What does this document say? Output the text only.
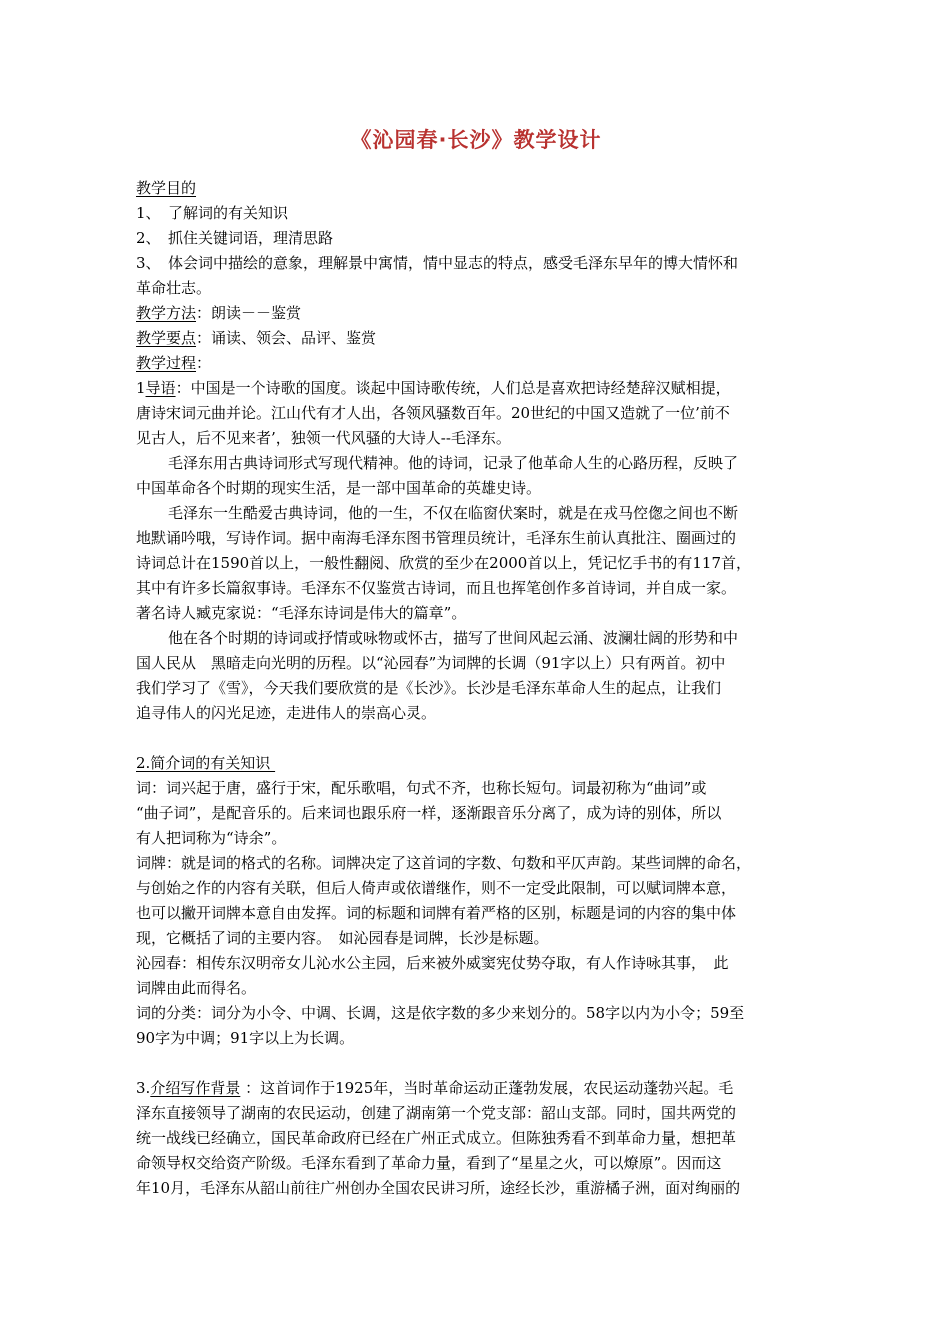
《沁园春·长沙》教学设计
教学目的
1、　了解词的有关知识
2、　抓住关键词语，理清思路
3、　体会词中描绘的意象，理解景中寓情，情中显志的特点，感受毛泽东早年的博大情怀和
革命壮志。
教学方法：朗读－－鉴赏
教学要点：诵读、领会、品评、鉴赏
教学过程：
1导语：中国是一个诗歌的国度。谈起中国诗歌传统，人们总是喜欢把诗经楚辞汉赋相提，
唐诗宋词元曲并论。江山代有才人出，各领风骚数百年。20世纪的中国又造就了一位’前不
见古人，后不见来者’，独领一代风骚的大诗人--毛泽东。
毛泽东用古典诗词形式写现代精神。他的诗词，记录了他革命人生的心路历程，反映了
中国革命各个时期的现实生活，是一部中国革命的英雄史诗。
毛泽东一生酷爱古典诗词，他的一生，不仅在临窗伏案时，就是在戎马倥偬之间也不断
地默诵吟哦，写诗作词。据中南海毛泽东图书管理员统计，毛泽东生前认真批注、圈画过的
诗词总计在1590首以上，一般性翻阅、欣赏的至少在2000首以上，凭记忆手书的有117首，
其中有许多长篇叙事诗。毛泽东不仅鉴赏古诗词，而且也挥笔创作多首诗词，并自成一家。
著名诗人臧克家说：“毛泽东诗词是伟大的篇章”。
他在各个时期的诗词或抒情或咏物或怀古，描写了世间风起云涌、波澜壮阔的形势和中
国人民从　黑暗走向光明的历程。以“沁园春”为词牌的长调（91字以上）只有两首。初中
我们学习了《雪》，今天我们要欣赏的是《长沙》。长沙是毛泽东革命人生的起点，让我们
追寻伟人的闪光足迹，走进伟人的崇高心灵。
2.简介词的有关知识
词：词兴起于唐，盛行于宋，配乐歌唱，句式不齐，也称长短句。词最初称为“曲词”或
“曲子词”，是配音乐的。后来词也跟乐府一样，逐渐跟音乐分离了，成为诗的别体，所以
有人把词称为“诗余”。
词牌：就是词的格式的名称。词牌决定了这首词的字数、句数和平仄声韵。某些词牌的命名，
与创始之作的内容有关联，但后人倚声或依谱继作，则不一定受此限制，可以赋词牌本意，
也可以撇开词牌本意自由发挥。词的标题和词牌有着严格的区别，标题是词的内容的集中体
现，它概括了词的主要内容。　如沁园春是词牌，长沙是标题。
沁园春：相传东汉明帝女儿沁水公主园，后来被外威窦宪仗势夺取，有人作诗咏其事，　此
词牌由此而得名。
词的分类：词分为小令、中调、长调，这是依字数的多少来划分的。58字以内为小令；59至
90字为中调；91字以上为长调。
3.介绍写作背景 ：这首词作于1925年，当时革命运动正蓬勃发展，农民运动蓬勃兴起。毛
泽东直接领导了湖南的农民运动，创建了湖南第一个党支部：韶山支部。同时，国共两党的
统一战线已经确立，国民革命政府已经在广州正式成立。但陈独秀看不到革命力量，想把革
命领导权交给资产阶级。毛泽东看到了革命力量，看到了“星星之火，可以燎原”。因而这
年10月，毛泽东从韶山前往广州创办全国农民讲习所，途经长沙，重游橘子洲，面对绚丽的
